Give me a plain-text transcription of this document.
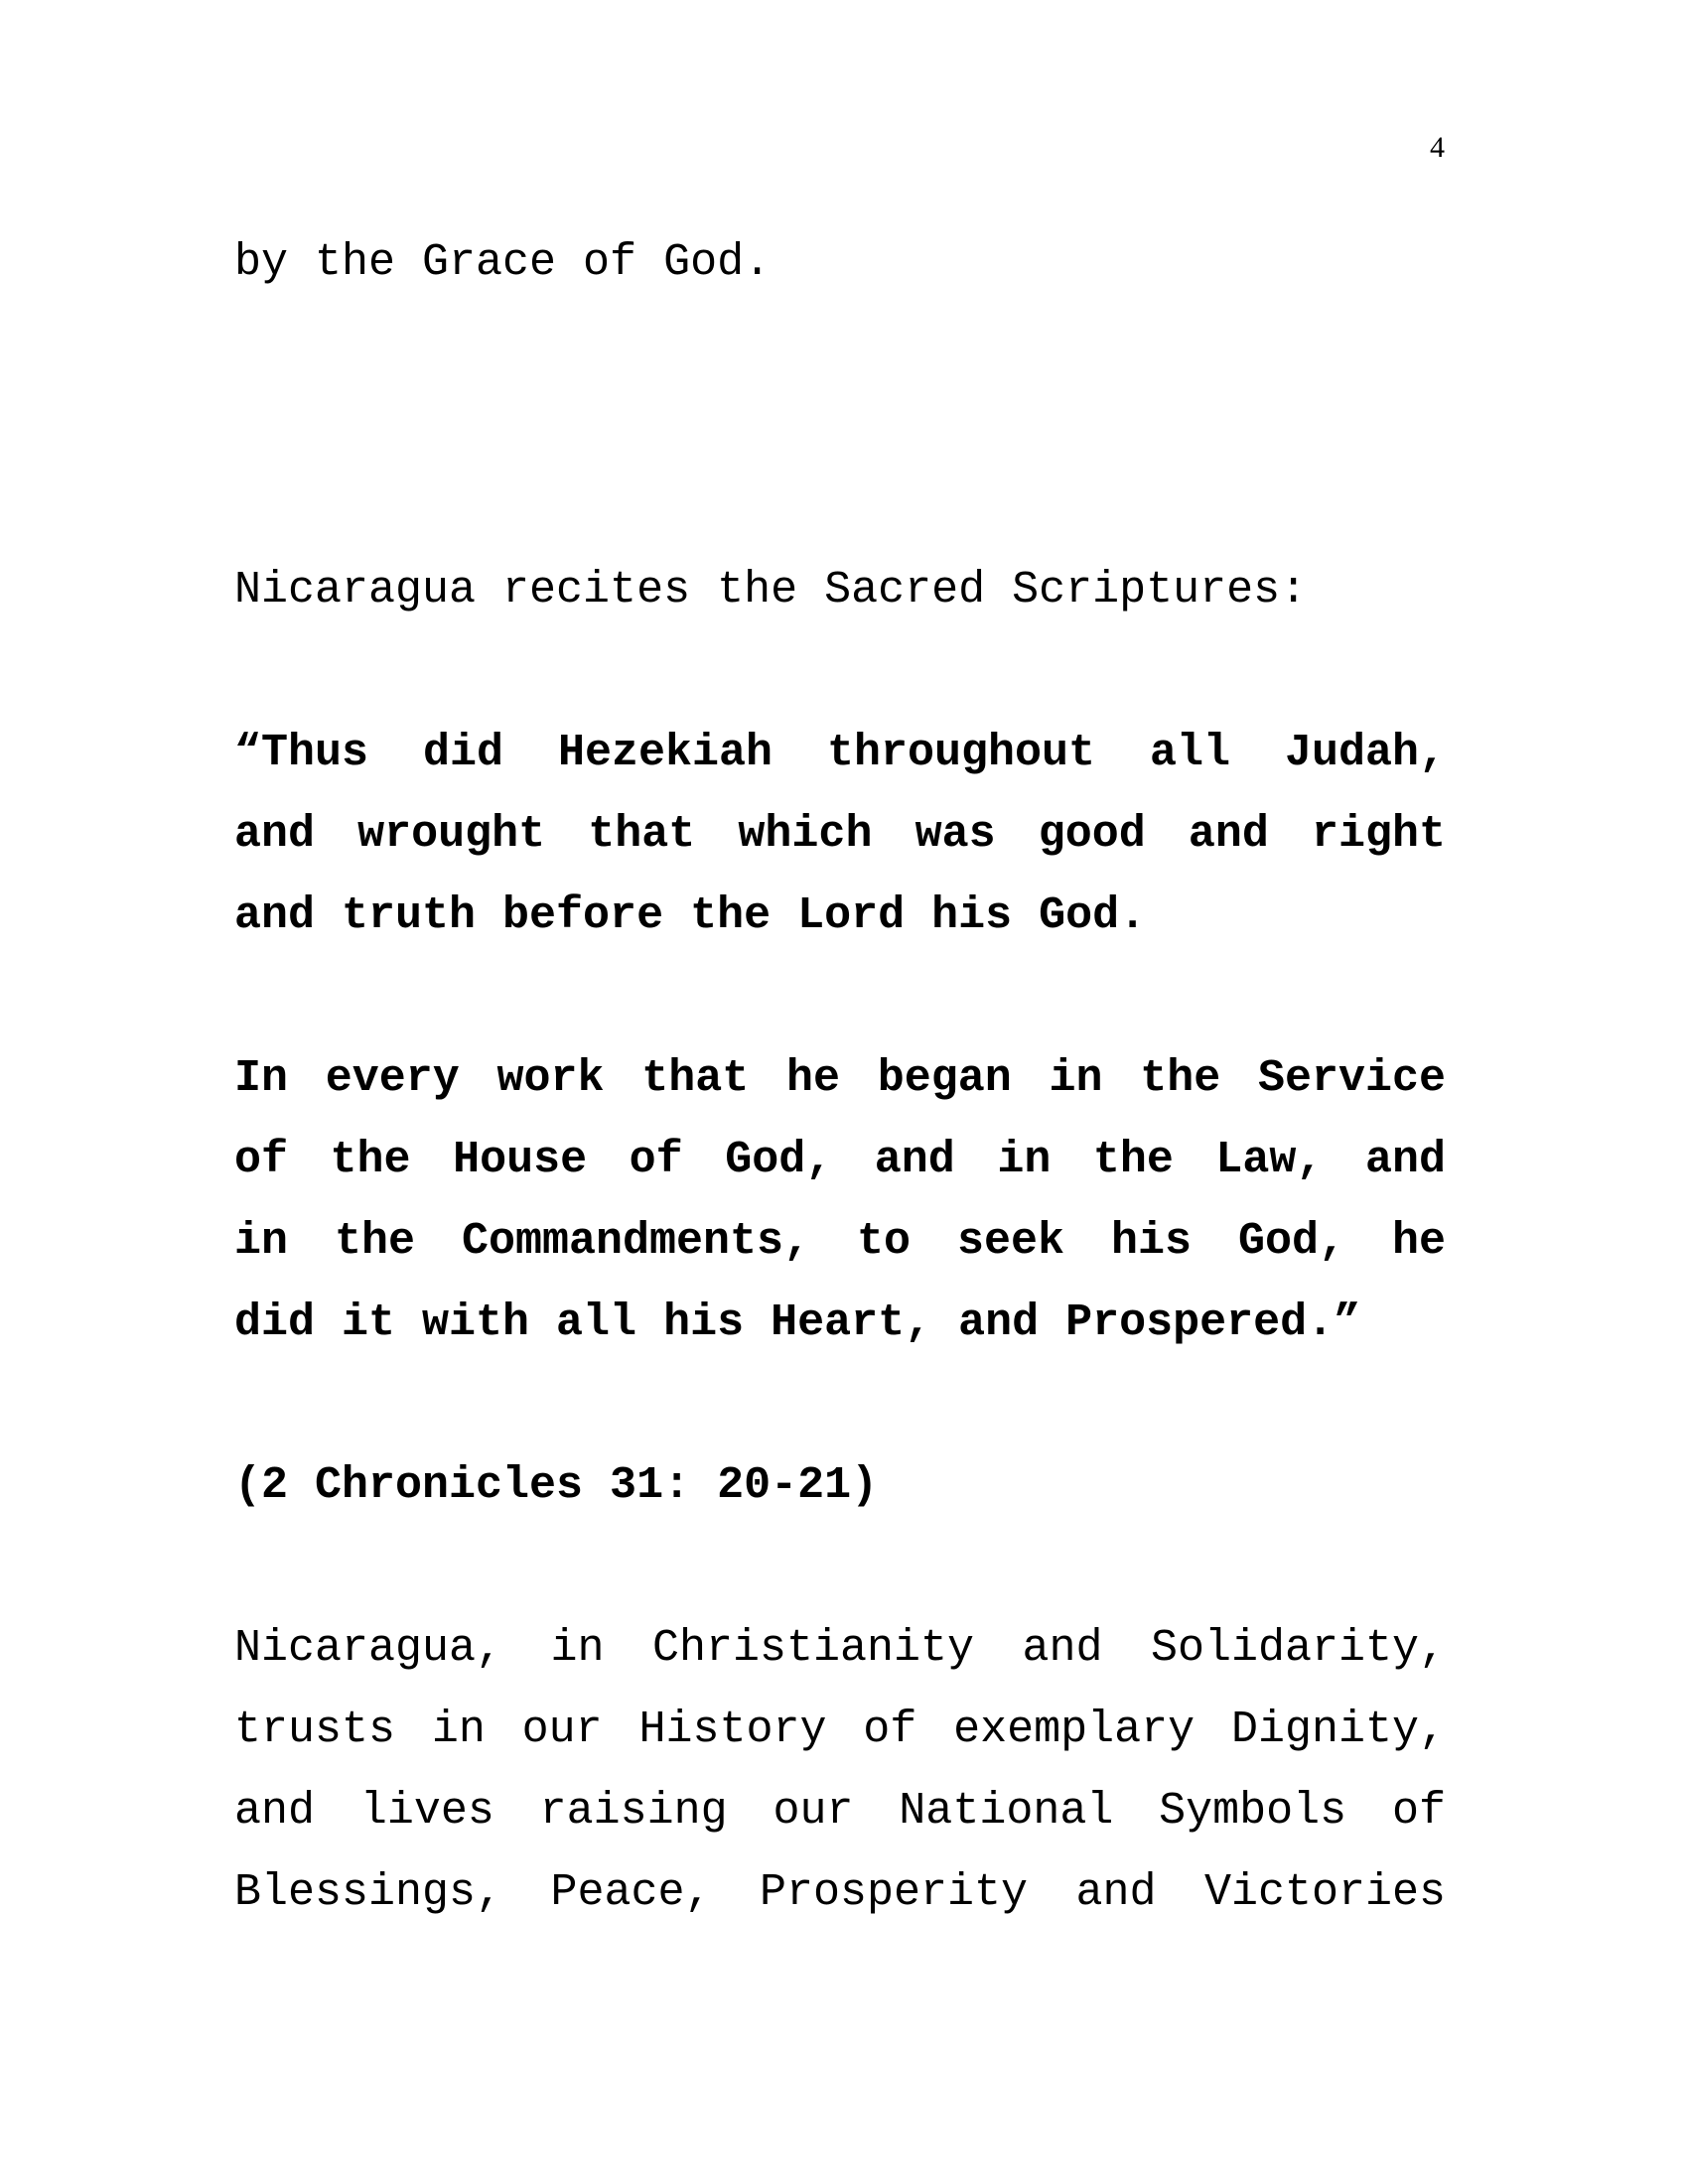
4
by the Grace of God.
Nicaragua recites the Sacred Scriptures:
“Thus did Hezekiah throughout all Judah,
and wrought that which was good and right
and truth before the Lord his God.
In every work that he began in the Service
of the House of God, and in the Law, and
in the Commandments, to seek his God, he
did it with all his Heart, and Prospered.”
(2 Chronicles 31: 20-21)
Nicaragua, in Christianity and Solidarity,
trusts in our History of exemplary Dignity,
and lives raising our National Symbols of
Blessings, Peace, Prosperity and Victories
